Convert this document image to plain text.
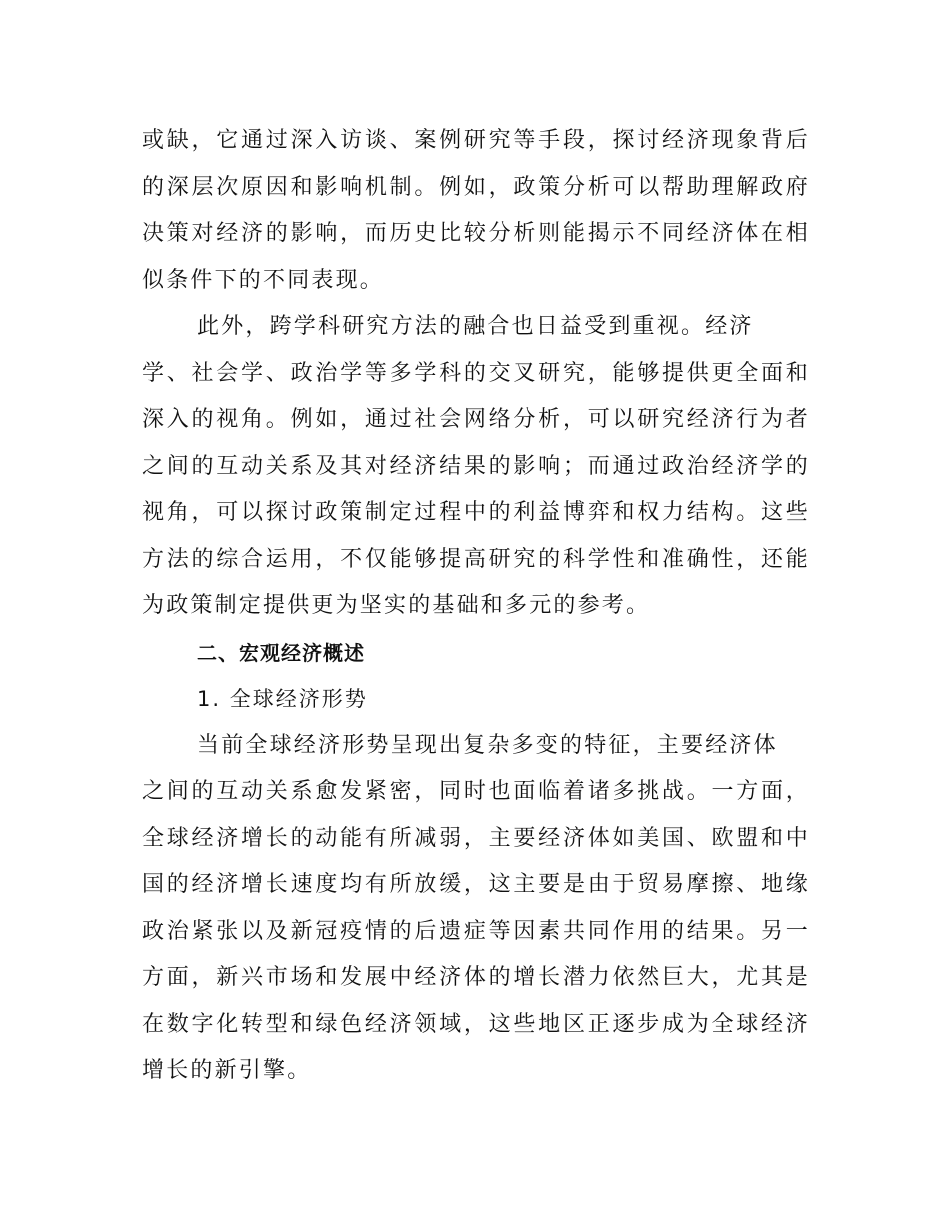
或缺，它通过深入访谈、案例研究等手段，探讨经济现象背后
的深层次原因和影响机制。例如，政策分析可以帮助理解政府
决策对经济的影响，而历史比较分析则能揭示不同经济体在相
似条件下的不同表现。
此外，跨学科研究方法的融合也日益受到重视。经济
学、社会学、政治学等多学科的交叉研究，能够提供更全面和
深入的视角。例如，通过社会网络分析，可以研究经济行为者
之间的互动关系及其对经济结果的影响；而通过政治经济学的
视角，可以探讨政策制定过程中的利益博弈和权力结构。这些
方法的综合运用，不仅能够提高研究的科学性和准确性，还能
为政策制定提供更为坚实的基础和多元的参考。
二、宏观经济概述
1. 全球经济形势
当前全球经济形势呈现出复杂多变的特征，主要经济体
之间的互动关系愈发紧密，同时也面临着诸多挑战。一方面，
全球经济增长的动能有所减弱，主要经济体如美国、欧盟和中
国的经济增长速度均有所放缓，这主要是由于贸易摩擦、地缘
政治紧张以及新冠疫情的后遗症等因素共同作用的结果。另一
方面，新兴市场和发展中经济体的增长潜力依然巨大，尤其是
在数字化转型和绿色经济领域，这些地区正逐步成为全球经济
增长的新引擎。
